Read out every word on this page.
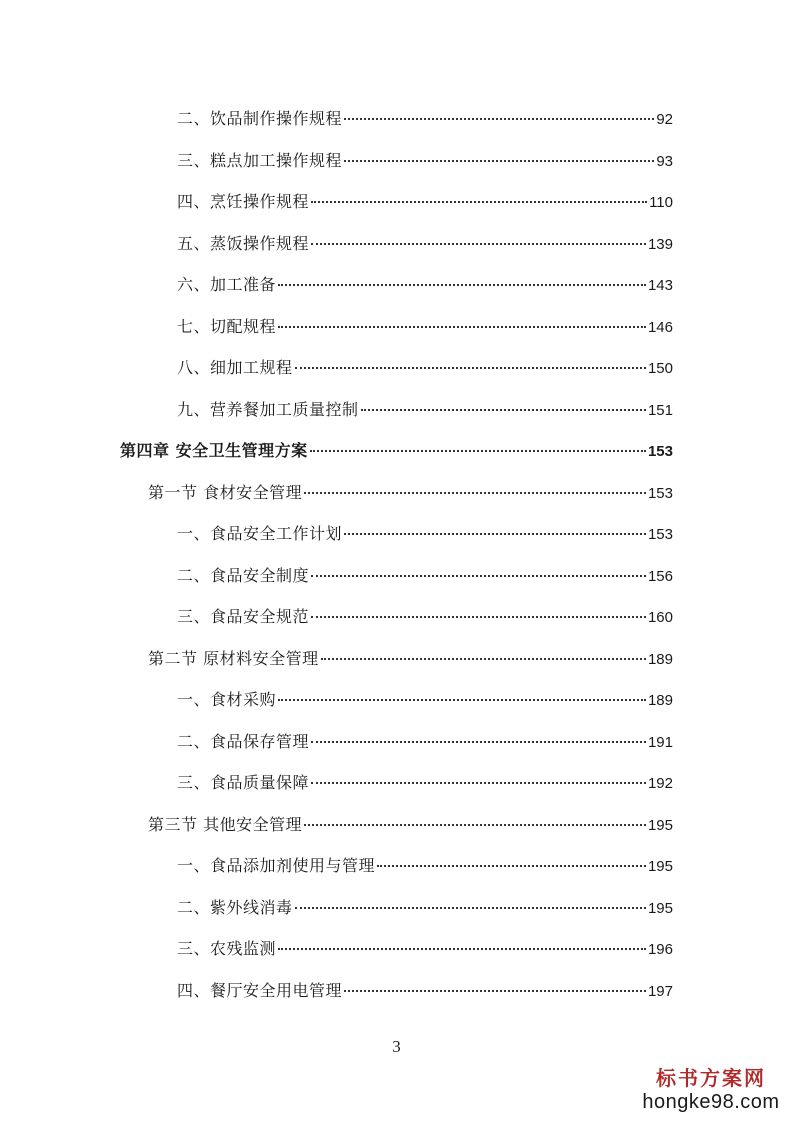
二、饮品制作操作规程	92
三、糕点加工操作规程	93
四、烹饪操作规程	110
五、蒸饭操作规程	139
六、加工准备	143
七、切配规程	146
八、细加工规程	150
九、营养餐加工质量控制	151
第四章 安全卫生管理方案	153
第一节 食材安全管理	153
一、食品安全工作计划	153
二、食品安全制度	156
三、食品安全规范	160
第二节 原材料安全管理	189
一、食材采购	189
二、食品保存管理	191
三、食品质量保障	192
第三节 其他安全管理	195
一、食品添加剂使用与管理	195
二、紫外线消毒	195
三、农残监测	196
四、餐厅安全用电管理	197
3
标书方案网
hongke98.com
